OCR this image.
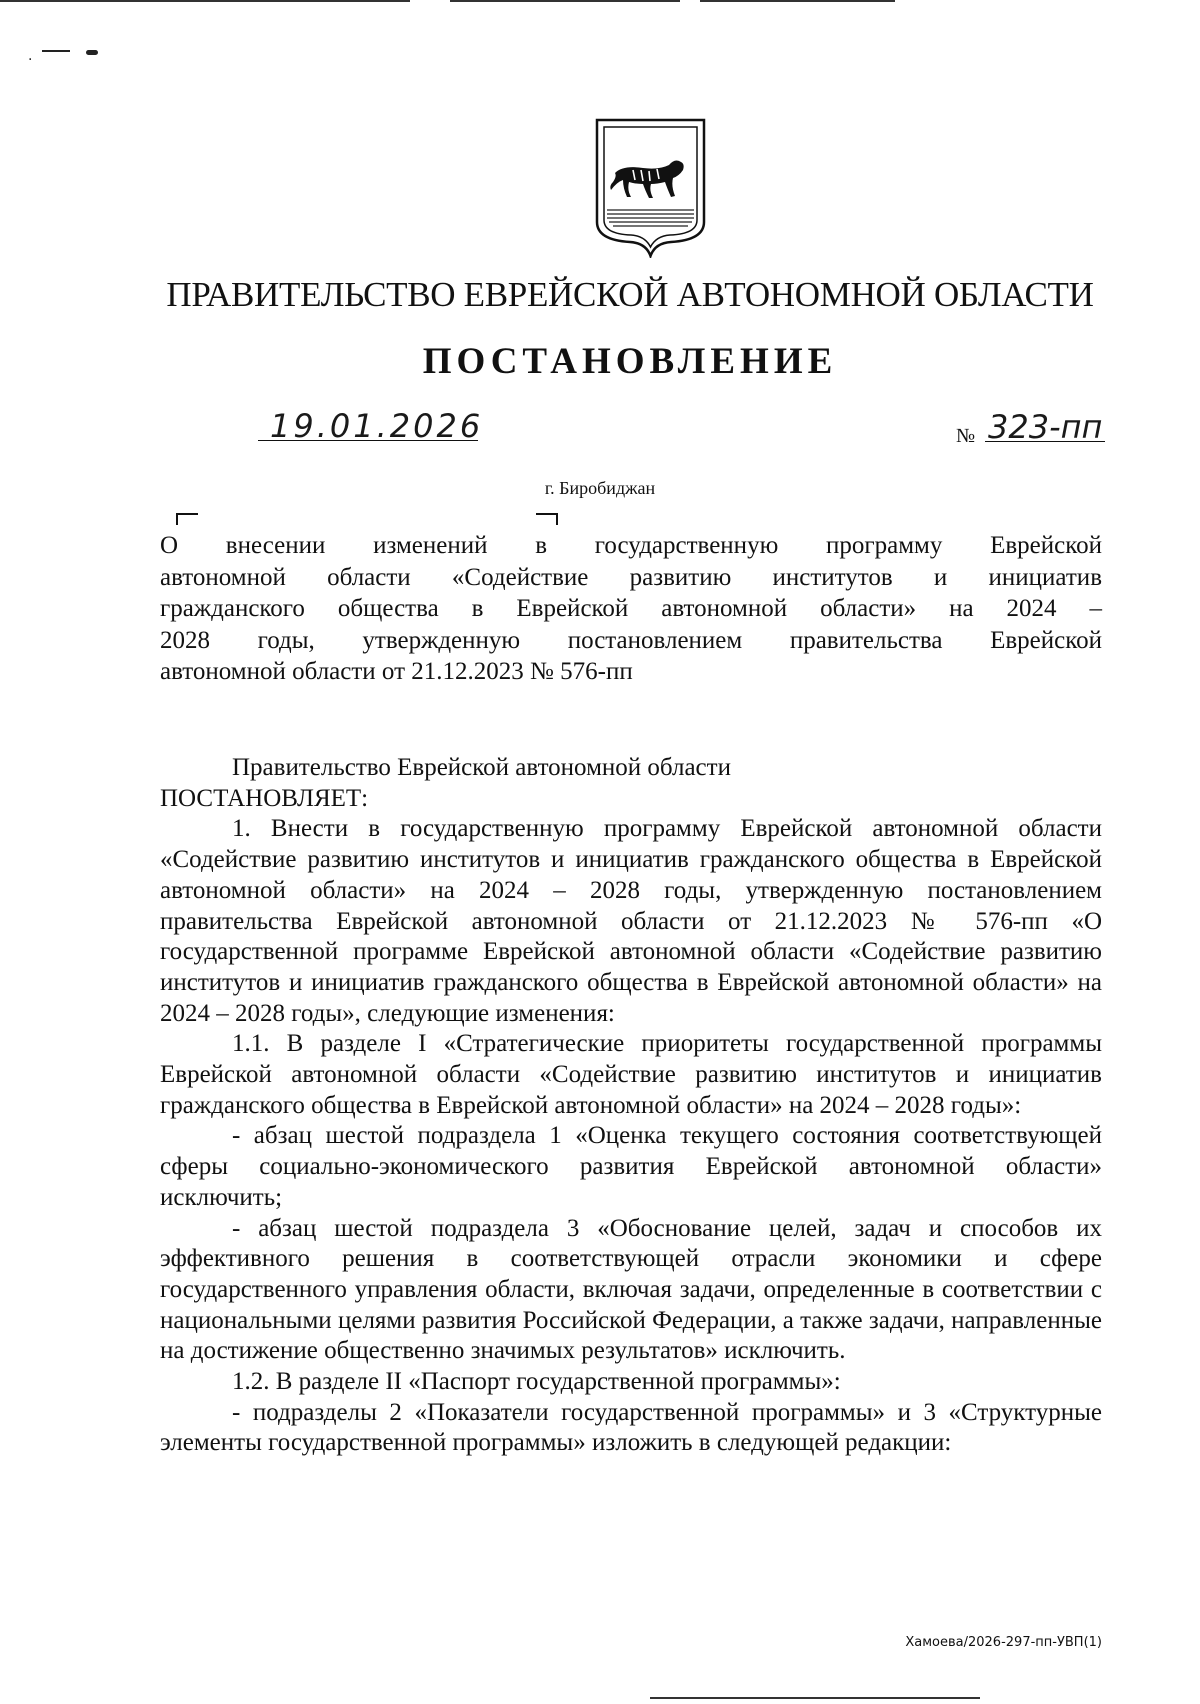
·
ПРАВИТЕЛЬСТВО ЕВРЕЙСКОЙ АВТОНОМНОЙ ОБЛАСТИ
ПОСТАНОВЛЕНИЕ
19.01.2026	№ 323-пп
г. Биробиджан
О внесении изменений в государственную программу Еврейской
автономной области «Содействие развитию институтов и инициатив
гражданского общества в Еврейской автономной области» на 2024 –
2028 годы, утвержденную постановлением правительства Еврейской
автономной области от 21.12.2023 № 576-пп

Правительство Еврейской автономной области

ПОСТАНОВЛЯЕТ:

1. Внести в государственную программу Еврейской автономной области «Содействие развитию институтов и инициатив гражданского общества в Еврейской автономной области» на 2024 – 2028 годы, утвержденную постановлением правительства Еврейской автономной области от 21.12.2023 № 576-пп «О государственной программе Еврейской автономной области «Содействие развитию институтов и инициатив гражданского общества в Еврейской автономной области» на 2024 – 2028 годы», следующие изменения:

1.1. В разделе I «Стратегические приоритеты государственной программы Еврейской автономной области «Содействие развитию институтов и инициатив гражданского общества в Еврейской автономной области» на 2024 – 2028 годы»:

- абзац шестой подраздела 1 «Оценка текущего состояния соответствующей сферы социально-экономического развития Еврейской автономной области» исключить;

- абзац шестой подраздела 3 «Обоснование целей, задач и способов их эффективного решения в соответствующей отрасли экономики и сфере государственного управления области, включая задачи, определенные в соответствии с национальными целями развития Российской Федерации, а также задачи, направленные на достижение общественно значимых результатов» исключить.

1.2. В разделе II «Паспорт государственной программы»:

- подразделы 2 «Показатели государственной программы» и 3 «Структурные элементы государственной программы» изложить в следующей редакции:

Хамоева/2026-297-пп-УВП(1)
